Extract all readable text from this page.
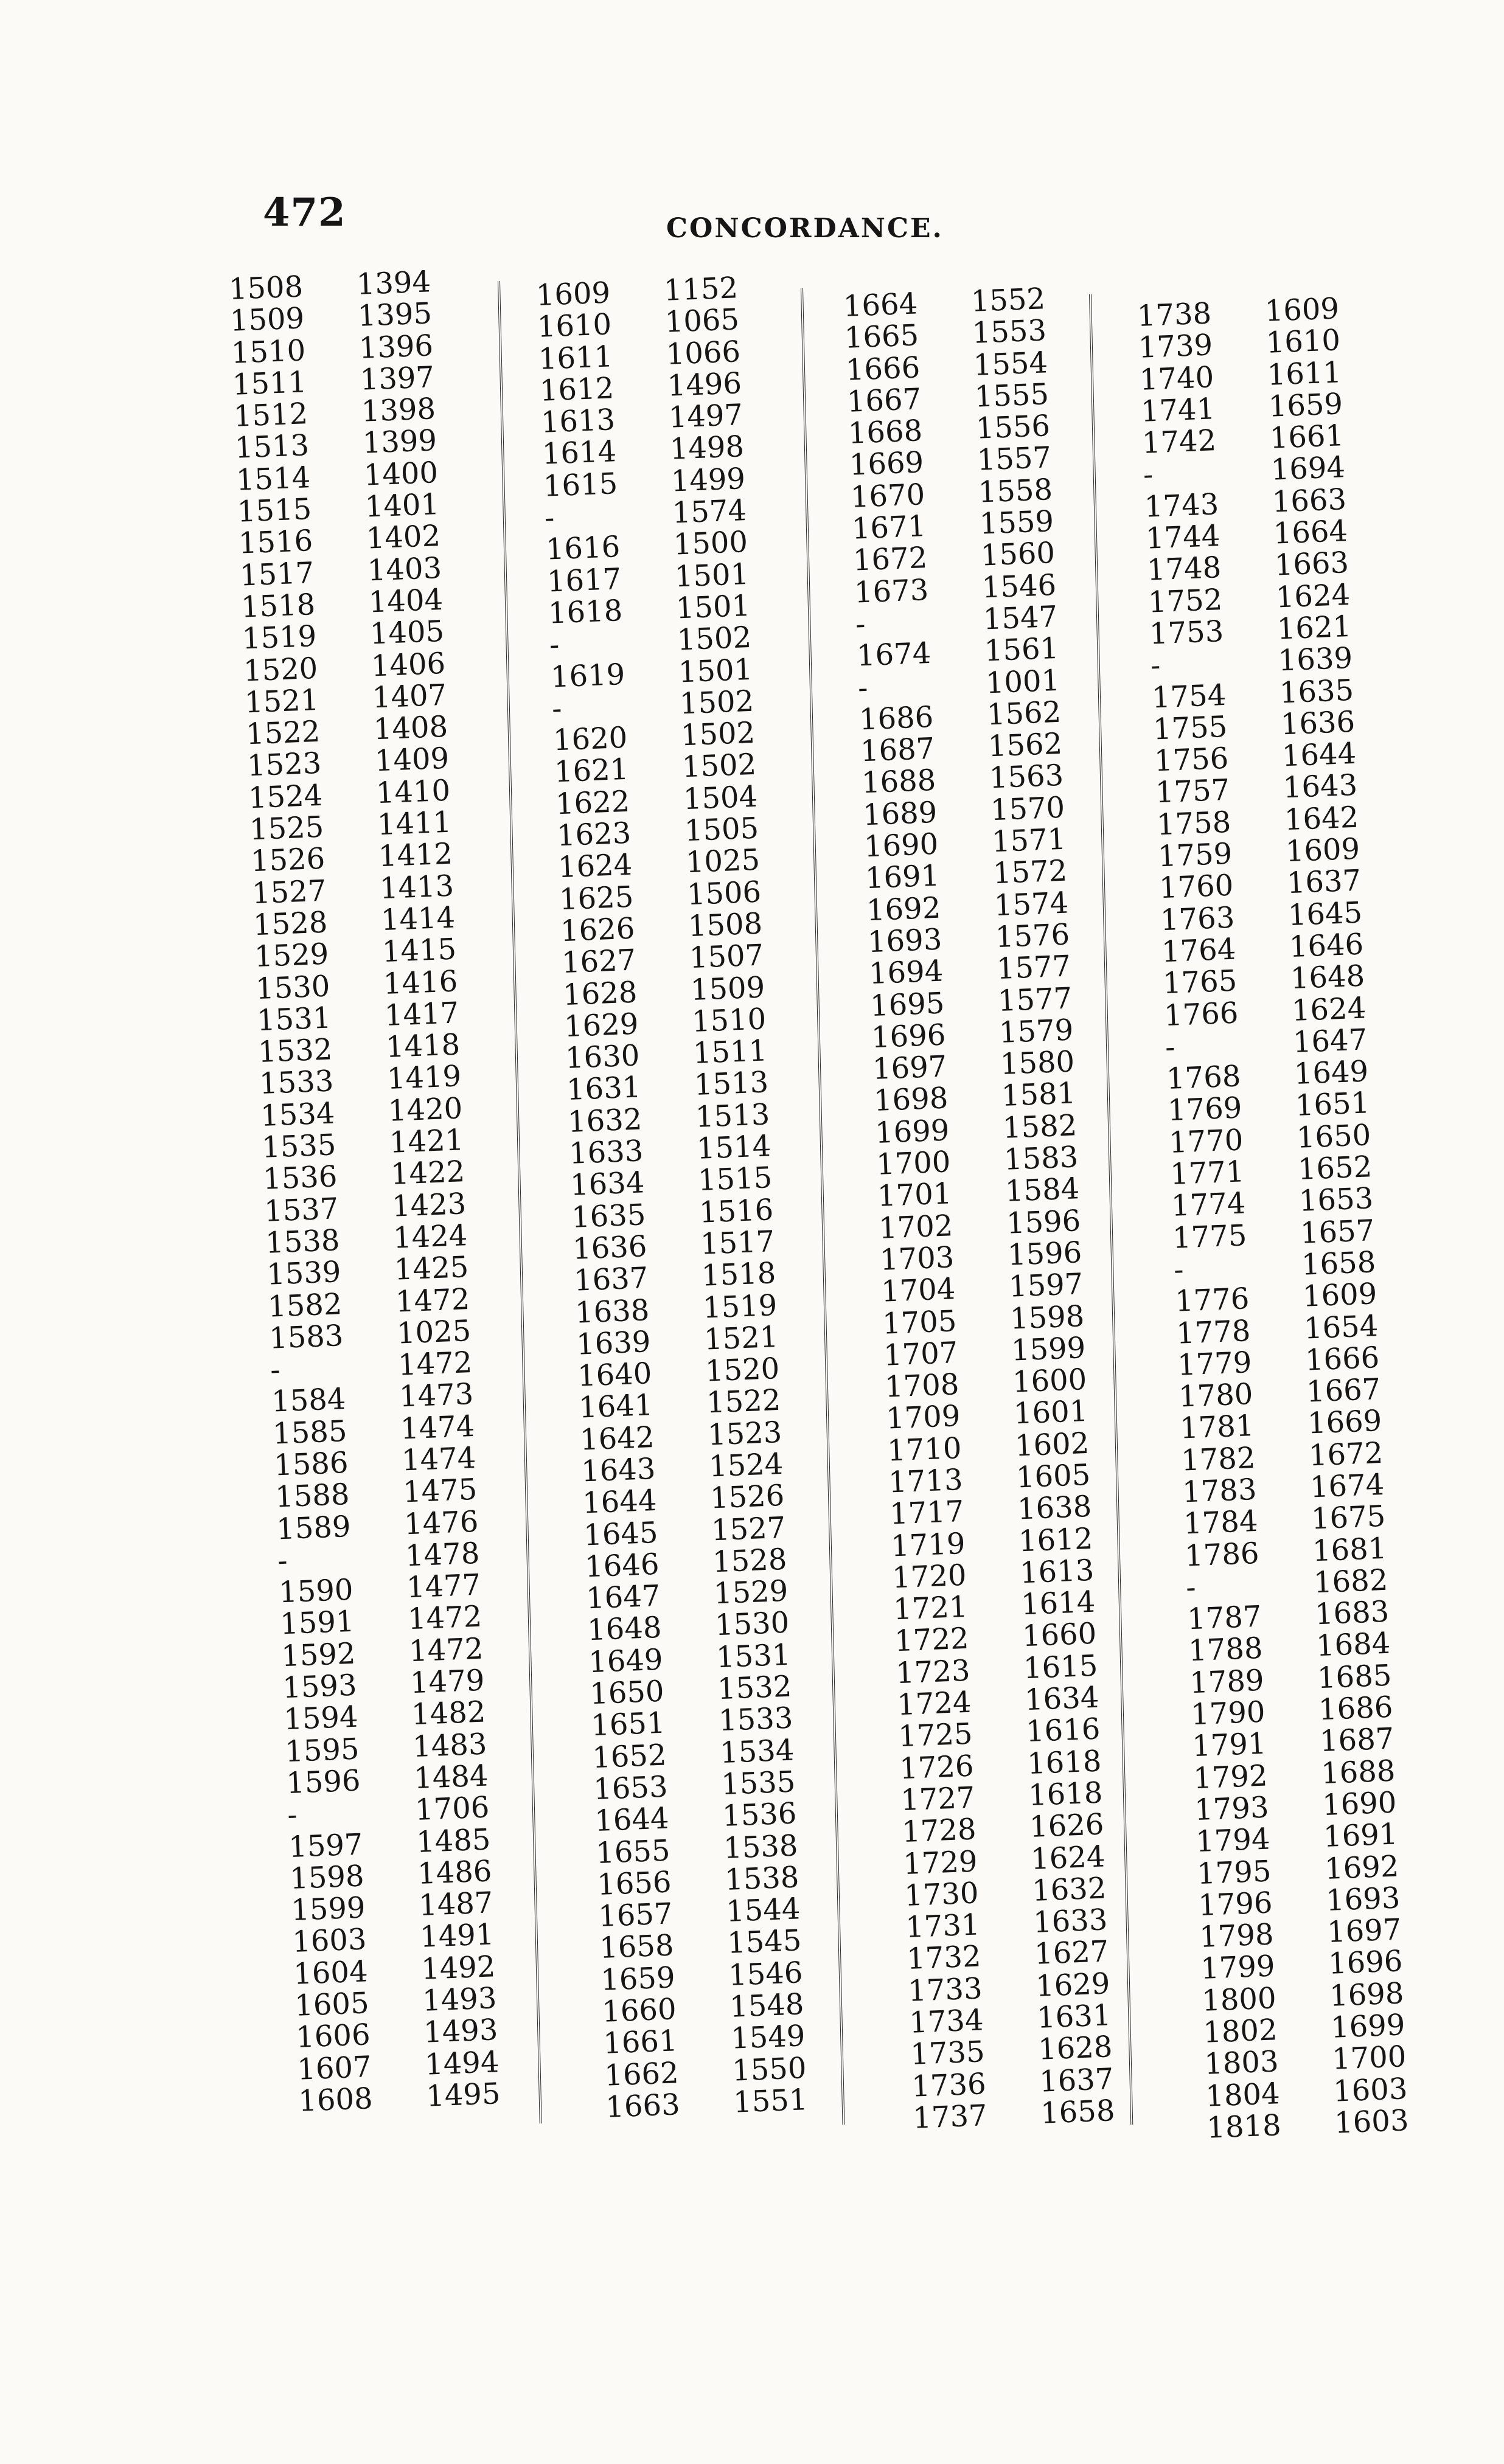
472	CONCORDANCE.
1508	1394
1509	1395
1510	1396
1511	1397
1512	1398
1513	1399
1514	1400
1515	1401
1516	1402
1517	1403
1518	1404
1519	1405
1520	1406
1521	1407
1522	1408
1523	1409
1524	1410
1525	1411
1526	1412
1527	1413
1528	1414
1529	1415
1530	1416
1531	1417
1532	1418
1533	1419
1534	1420
1535	1421
1536	1422
1537	1423
1538	1424
1539	1425
1582	1472
1583	1025
-	1472
1584	1473
1585	1474
1586	1474
1588	1475
1589	1476
-	1478
1590	1477
1591	1472
1592	1472
1593	1479
1594	1482
1595	1483
1596	1484
-	1706
1597	1485
1598	1486
1599	1487
1603	1491
1604	1492
1605	1493
1606	1493
1607	1494
1608	1495
1609	1152
1610	1065
1611	1066
1612	1496
1613	1497
1614	1498
1615	1499
-	1574
1616	1500
1617	1501
1618	1501
-	1502
1619	1501
-	1502
1620	1502
1621	1502
1622	1504
1623	1505
1624	1025
1625	1506
1626	1508
1627	1507
1628	1509
1629	1510
1630	1511
1631	1513
1632	1513
1633	1514
1634	1515
1635	1516
1636	1517
1637	1518
1638	1519
1639	1521
1640	1520
1641	1522
1642	1523
1643	1524
1644	1526
1645	1527
1646	1528
1647	1529
1648	1530
1649	1531
1650	1532
1651	1533
1652	1534
1653	1535
1644	1536
1655	1538
1656	1538
1657	1544
1658	1545
1659	1546
1660	1548
1661	1549
1662	1550
1663	1551
1664	1552
1665	1553
1666	1554
1667	1555
1668	1556
1669	1557
1670	1558
1671	1559
1672	1560
1673	1546
-	1547
1674	1561
-	1001
1686	1562
1687	1562
1688	1563
1689	1570
1690	1571
1691	1572
1692	1574
1693	1576
1694	1577
1695	1577
1696	1579
1697	1580
1698	1581
1699	1582
1700	1583
1701	1584
1702	1596
1703	1596
1704	1597
1705	1598
1707	1599
1708	1600
1709	1601
1710	1602
1713	1605
1717	1638
1719	1612
1720	1613
1721	1614
1722	1660
1723	1615
1724	1634
1725	1616
1726	1618
1727	1618
1728	1626
1729	1624
1730	1632
1731	1633
1732	1627
1733	1629
1734	1631
1735	1628
1736	1637
1737	1658
1738	1609
1739	1610
1740	1611
1741	1659
1742	1661
-	1694
1743	1663
1744	1664
1748	1663
1752	1624
1753	1621
-	1639
1754	1635
1755	1636
1756	1644
1757	1643
1758	1642
1759	1609
1760	1637
1763	1645
1764	1646
1765	1648
1766	1624
-	1647
1768	1649
1769	1651
1770	1650
1771	1652
1774	1653
1775	1657
-	1658
1776	1609
1778	1654
1779	1666
1780	1667
1781	1669
1782	1672
1783	1674
1784	1675
1786	1681
-	1682
1787	1683
1788	1684
1789	1685
1790	1686
1791	1687
1792	1688
1793	1690
1794	1691
1795	1692
1796	1693
1798	1697
1799	1696
1800	1698
1802	1699
1803	1700
1804	1603
1818	1603
